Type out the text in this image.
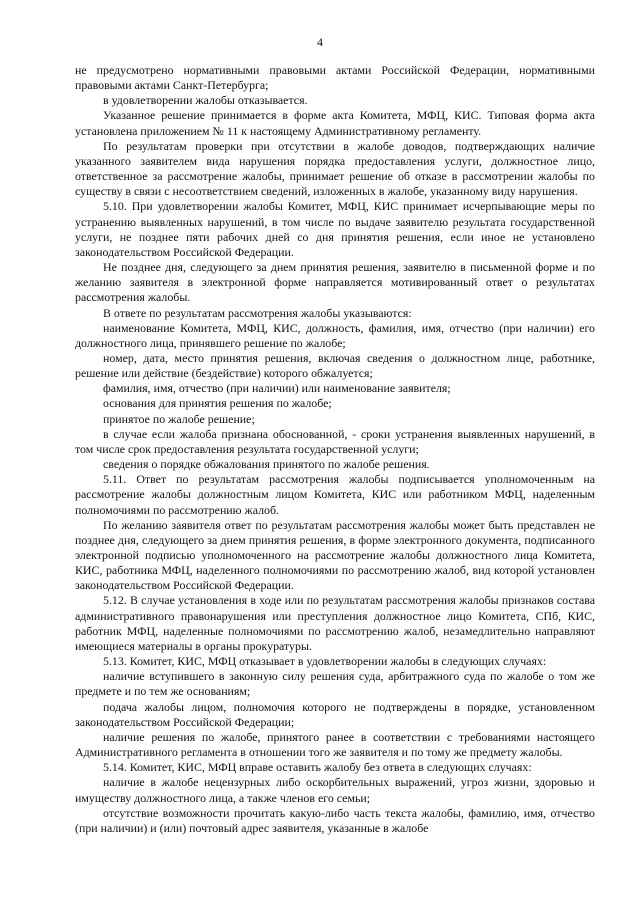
4

не предусмотрено нормативными правовыми актами Российской Федерации, нормативными правовыми актами Санкт-Петербурга;

в удовлетворении жалобы отказывается.

Указанное решение принимается в форме акта Комитета, МФЦ, КИС. Типовая форма акта установлена приложением № 11 к настоящему Административному регламенту.

По результатам проверки при отсутствии в жалобе доводов, подтверждающих наличие указанного заявителем вида нарушения порядка предоставления услуги, должностное лицо, ответственное за рассмотрение жалобы, принимает решение об отказе в рассмотрении жалобы по существу в связи с несоответствием сведений, изложенных в жалобе, указанному виду нарушения.

5.10. При удовлетворении жалобы Комитет, МФЦ, КИС принимает исчерпывающие меры по устранению выявленных нарушений, в том числе по выдаче заявителю результата государственной услуги, не позднее пяти рабочих дней со дня принятия решения, если иное не установлено законодательством Российской Федерации.

Не позднее дня, следующего за днем принятия решения, заявителю в письменной форме и по желанию заявителя в электронной форме направляется мотивированный ответ о результатах рассмотрения жалобы.

В ответе по результатам рассмотрения жалобы указываются:

наименование Комитета, МФЦ, КИС, должность, фамилия, имя, отчество (при наличии) его должностного лица, принявшего решение по жалобе;

номер, дата, место принятия решения, включая сведения о должностном лице, работнике, решение или действие (бездействие) которого обжалуется;

фамилия, имя, отчество (при наличии) или наименование заявителя;

основания для принятия решения по жалобе;

принятое по жалобе решение;

в случае если жалоба признана обоснованной, - сроки устранения выявленных нарушений, в том числе срок предоставления результата государственной услуги;

сведения о порядке обжалования принятого по жалобе решения.

5.11. Ответ по результатам рассмотрения жалобы подписывается уполномоченным на рассмотрение жалобы должностным лицом Комитета, КИС или работником МФЦ, наделенным полномочиями по рассмотрению жалоб.

По желанию заявителя ответ по результатам рассмотрения жалобы может быть представлен не позднее дня, следующего за днем принятия решения, в форме электронного документа, подписанного электронной подписью уполномоченного на рассмотрение жалобы должностного лица Комитета, КИС, работника МФЦ, наделенного полномочиями по рассмотрению жалоб, вид которой установлен законодательством Российской Федерации.

5.12. В случае установления в ходе или по результатам рассмотрения жалобы признаков состава административного правонарушения или преступления должностное лицо Комитета, СПб, КИС, работник МФЦ, наделенные полномочиями по рассмотрению жалоб, незамедлительно направляют имеющиеся материалы в органы прокуратуры.

5.13. Комитет, КИС, МФЦ отказывает в удовлетворении жалобы в следующих случаях:

наличие вступившего в законную силу решения суда, арбитражного суда по жалобе о том же предмете и по тем же основаниям;

подача жалобы лицом, полномочия которого не подтверждены в порядке, установленном законодательством Российской Федерации;

наличие решения по жалобе, принятого ранее в соответствии с требованиями настоящего Административного регламента в отношении того же заявителя и по тому же предмету жалобы.

5.14. Комитет, КИС, МФЦ вправе оставить жалобу без ответа в следующих случаях:

наличие в жалобе нецензурных либо оскорбительных выражений, угроз жизни, здоровью и имуществу должностного лица, а также членов его семьи;

отсутствие возможности прочитать какую-либо часть текста жалобы, фамилию, имя, отчество (при наличии) и (или) почтовый адрес заявителя, указанные в жалобе
